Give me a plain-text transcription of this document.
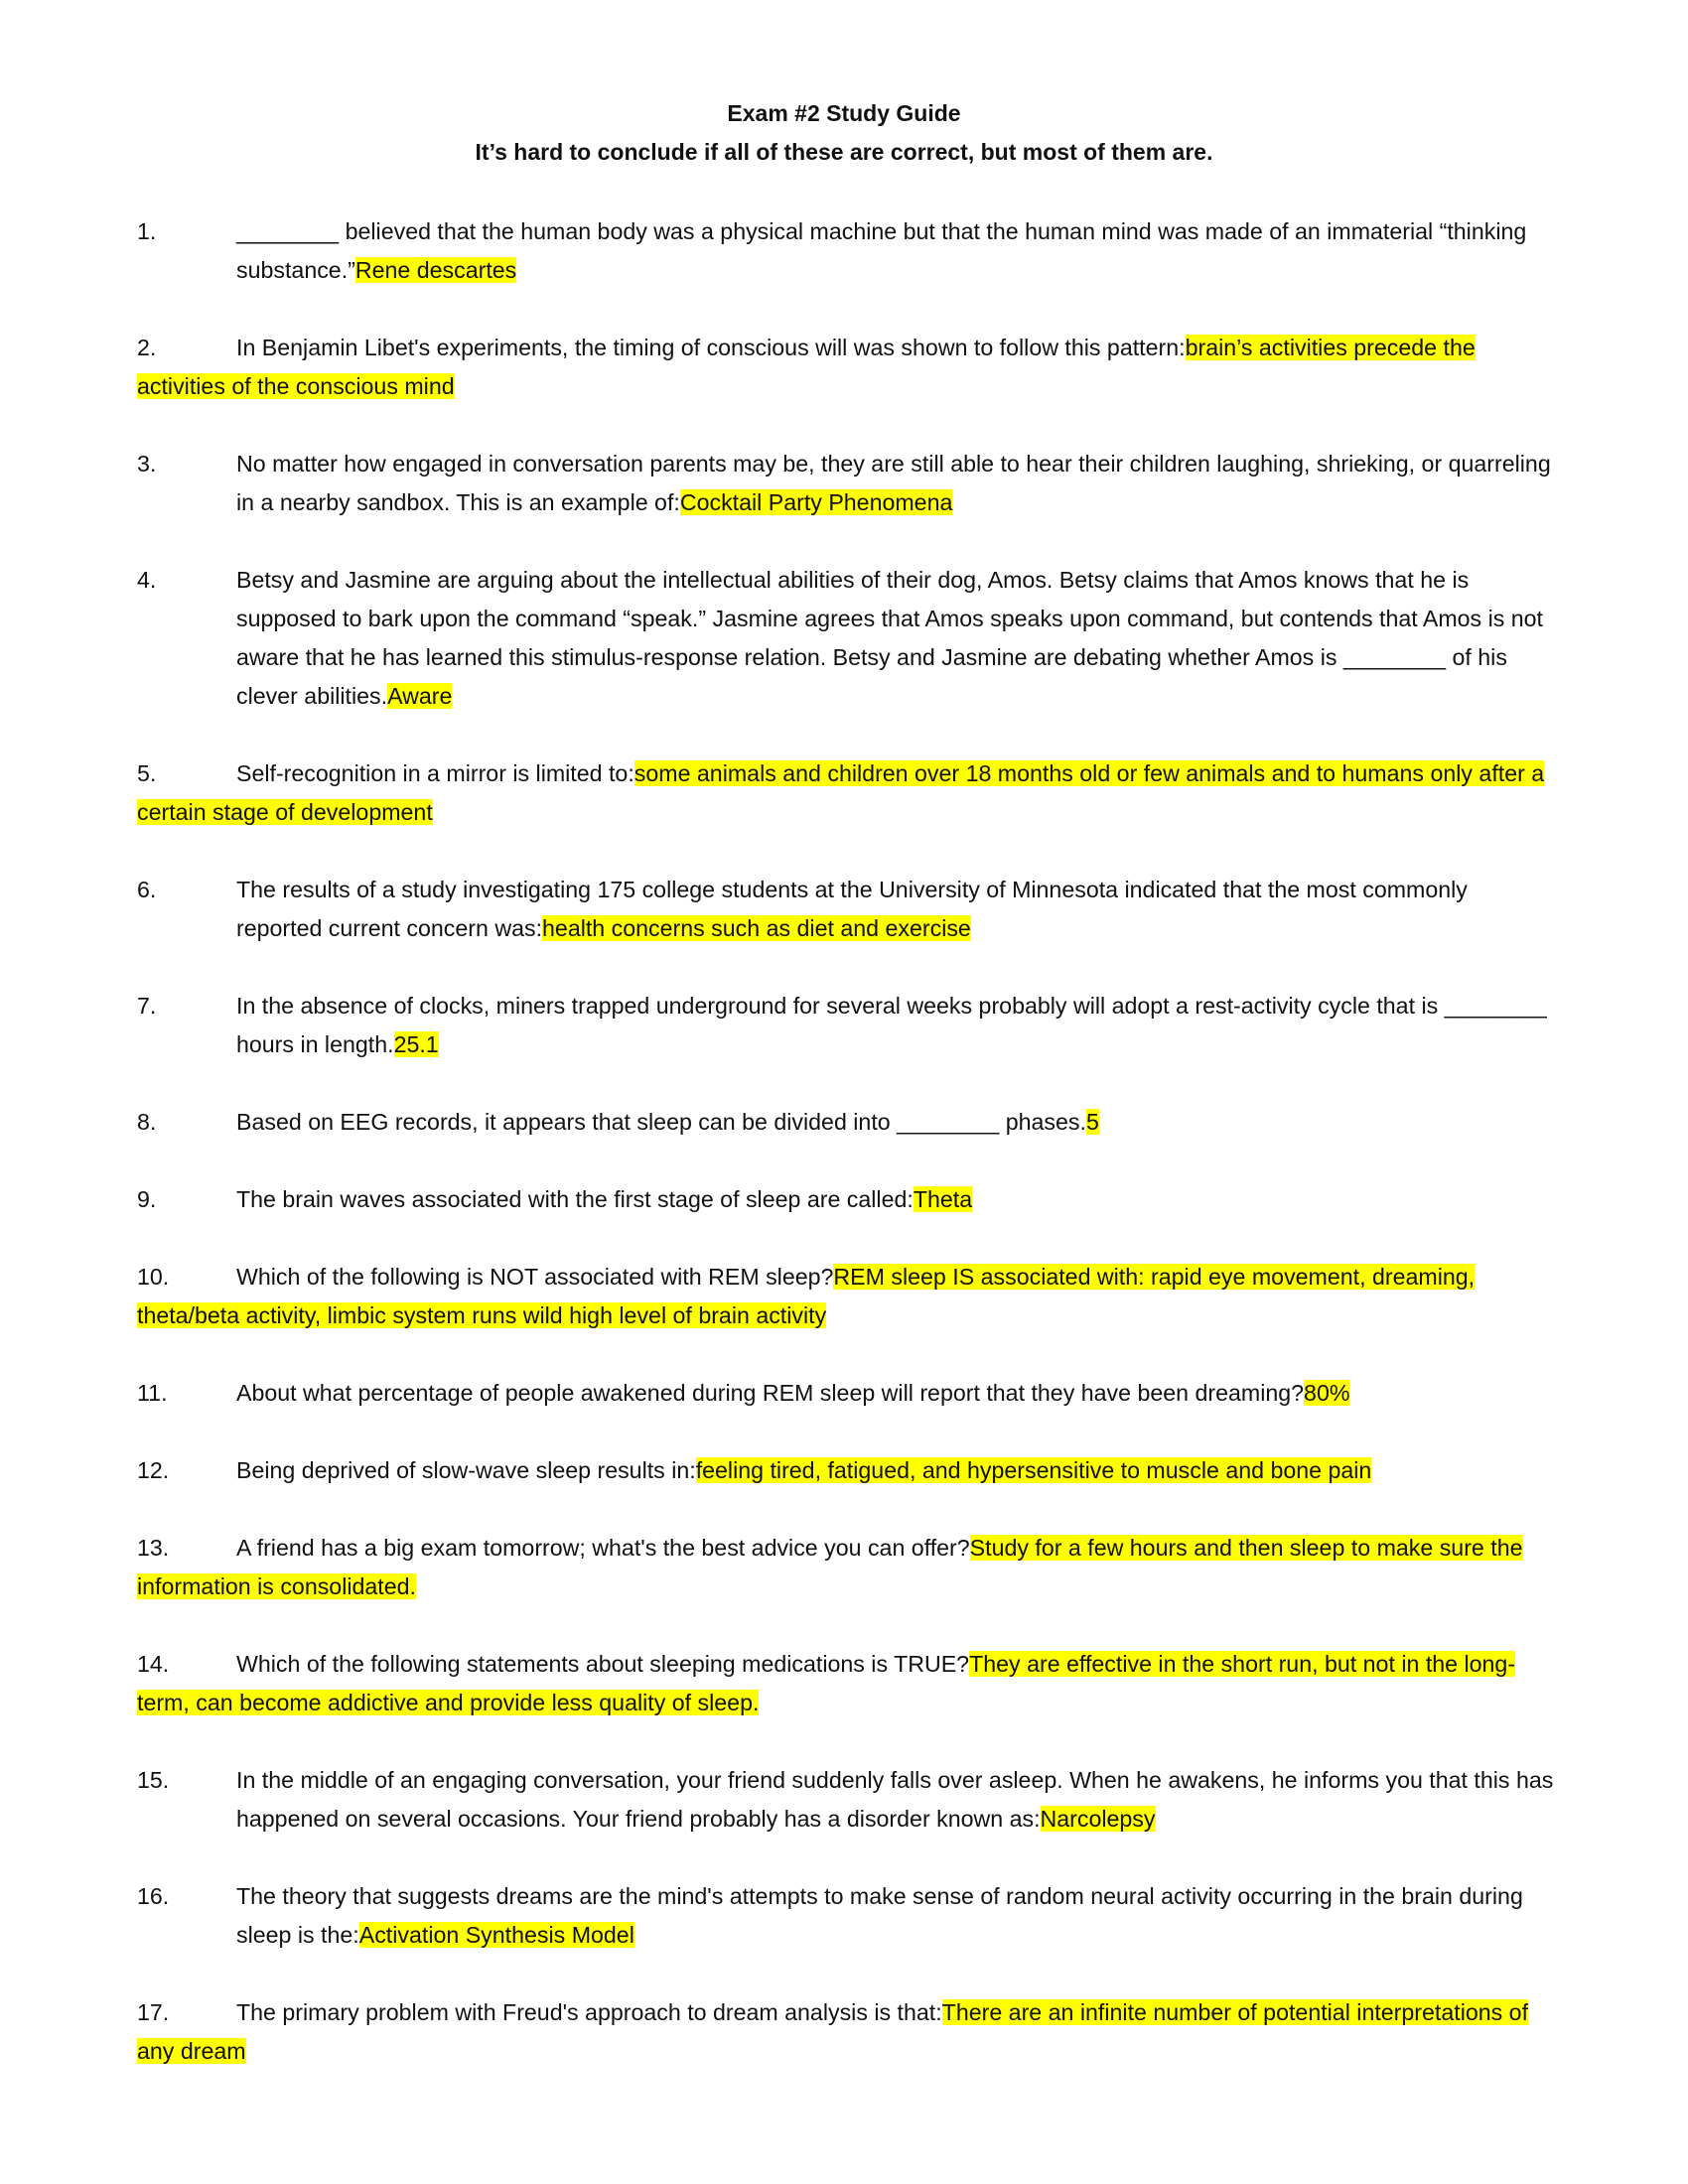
Exam #2 Study Guide
It’s hard to conclude if all of these are correct, but most of them are.
1.	________ believed that the human body was a physical machine but that the human mind was made of an immaterial “thinking substance.”Rene descartes
2.	In Benjamin Libet's experiments, the timing of conscious will was shown to follow this pattern:brain’s activities precede the activities of the conscious mind
3.	No matter how engaged in conversation parents may be, they are still able to hear their children laughing, shrieking, or quarreling in a nearby sandbox. This is an example of:Cocktail Party Phenomena
4.	Betsy and Jasmine are arguing about the intellectual abilities of their dog, Amos. Betsy claims that Amos knows that he is supposed to bark upon the command “speak.” Jasmine agrees that Amos speaks upon command, but contends that Amos is not aware that he has learned this stimulus-response relation. Betsy and Jasmine are debating whether Amos is ________ of his clever abilities.Aware
5.	Self-recognition in a mirror is limited to:some animals and children over 18 months old or few animals and to humans only after a certain stage of development
6.	The results of a study investigating 175 college students at the University of Minnesota indicated that the most commonly reported current concern was:health concerns such as diet and exercise
7.	In the absence of clocks, miners trapped underground for several weeks probably will adopt a rest-activity cycle that is ________ hours in length.25.1
8.	Based on EEG records, it appears that sleep can be divided into ________ phases.5
9.	The brain waves associated with the first stage of sleep are called:Theta
10.	Which of the following is NOT associated with REM sleep?REM sleep IS associated with: rapid eye movement, dreaming, theta/beta activity, limbic system runs wild high level of brain activity
11.	About what percentage of people awakened during REM sleep will report that they have been dreaming?80%
12.	Being deprived of slow-wave sleep results in:feeling tired, fatigued, and hypersensitive to muscle and bone pain
13.	A friend has a big exam tomorrow; what's the best advice you can offer?Study for a few hours and then sleep to make sure the information is consolidated.
14.	Which of the following statements about sleeping medications is TRUE?They are effective in the short run, but not in the long-term, can become addictive and provide less quality of sleep.
15.	In the middle of an engaging conversation, your friend suddenly falls over asleep. When he awakens, he informs you that this has happened on several occasions. Your friend probably has a disorder known as:Narcolepsy
16.	The theory that suggests dreams are the mind's attempts to make sense of random neural activity occurring in the brain during sleep is the:Activation Synthesis Model
17.	The primary problem with Freud's approach to dream analysis is that:There are an infinite number of potential interpretations of any dream
